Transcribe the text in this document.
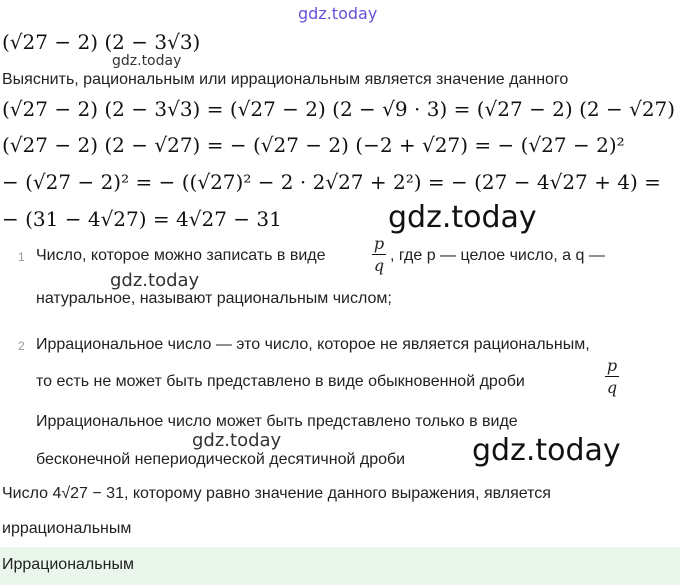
gdz.today
gdz.today
gdz.today
gdz.today
gdz.today	gdz.today
(√27 − 2) (2 − 3√3)
Выяснить, рациональным или иррациональным является значение данного
(√27 − 2) (2 − 3√3) = (√27 − 2) (2 − √9 · 3) = (√27 − 2) (2 − √27)
(√27 − 2) (2 − √27) = − (√27 − 2) (−2 + √27) = − (√27 − 2)²
− (√27 − 2)² = − ((√27)² − 2 · 2√27 + 2²) = − (27 − 4√27 + 4) =
− (31 − 4√27) = 4√27 − 31
1 Число, которое можно записать в виде
p
q
, где p — целое число, а q —
натуральное, называют рациональным числом;
2 Иррациональное число — это число, которое не является рациональным,
то есть не может быть представлено в виде обыкновенной дроби
p
q
Иррациональное число может быть представлено только в виде
бесконечной непериодической десятичной дроби
Число 4√27 − 31, которому равно значение данного выражения, является
иррациональным
Иррациональным
